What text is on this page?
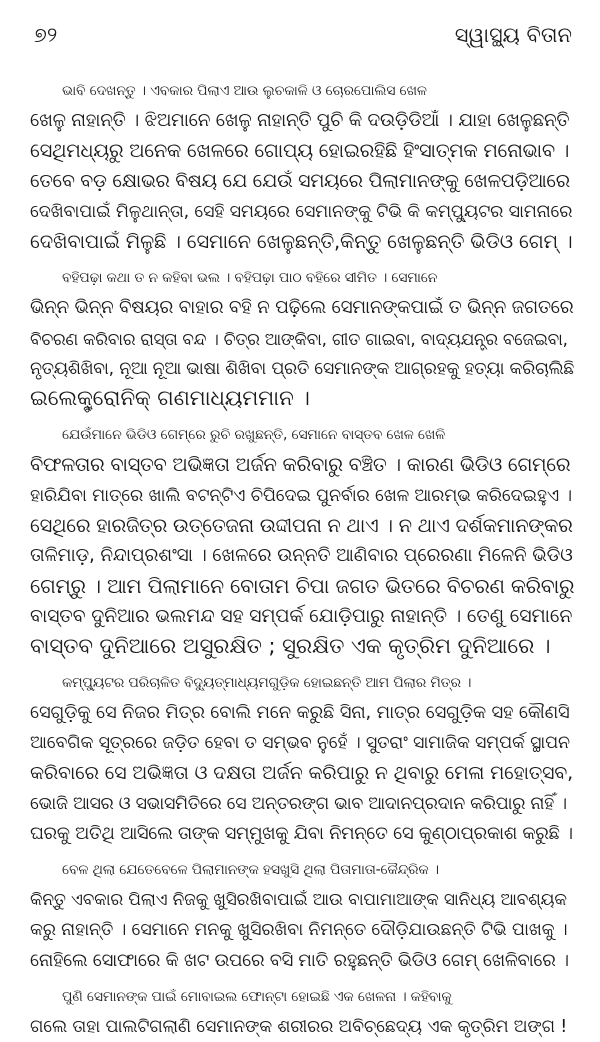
୭୨	ସ୍ୱାସ୍ଥ୍ୟ ବିତାନ

ଭାବି ଦେଖନ୍ତୁ । ଏବକାର ପିଲାଏ ଆଉ ଲୁଚକାଳି ଓ ଚୋରପୋଲିସ ଖେଳ
ଖେଳୁ ନାହାନ୍ତି । ଝିଅମାନେ ଖେଳୁ ନାହାନ୍ତି ପୁଚି କି ଦଉଡ଼ିଡିଆଁ । ଯାହା ଖେଳୁଛନ୍ତି
ସେଥିମଧ୍ୟରୁ ଅନେକ ଖେଳରେ ଗୋପ୍ୟ ହୋଇରହିଛି ହିଂସାତ୍ମକ ମନୋଭାବ ।
ତେବେ ବଡ଼ କ୍ଷୋଭର ବିଷୟ ଯେ ଯେଉଁ ସମୟରେ ପିଲାମାନଙ୍କୁ ଖେଳପଡ଼ିଆରେ
ଦେଖିବାପାଇଁ ମିଳୁଥାନ୍ତା, ସେହି ସମୟରେ ସେମାନଙ୍କୁ ଟିଭି କି କମ୍ପ୍ୟୁଟର ସାମନାରେ
ଦେଖିବାପାଇଁ ମିଳୁଛି । ସେମାନେ ଖେଳୁଛନ୍ତି,କିନ୍ତୁ ଖେଳୁଛନ୍ତି ଭିଡିଓ ଗେମ୍ ।

ବହିପଢ଼ା କଥା ତ ନ କହିବା ଭଲ । ବହିପଢ଼ା ପାଠ ବହିରେ ସୀମିତ । ସେମାନେ
ଭିନ୍ନ ଭିନ୍ନ ବିଷୟର ବାହାର ବହି ନ ପଢ଼ିଲେ ସେମାନଙ୍କପାଇଁ ତ ଭିନ୍ନ ଜଗତରେ
ବିଚରଣ କରିବାର ରାସ୍ତା ବନ୍ଦ । ଚିତ୍ର ଆଙ୍କିବା, ଗୀତ ଗାଇବା, ବାଦ୍ୟଯନ୍ତ୍ର ବଜେଇବା,
ନୃତ୍ୟଶିଖିବା, ନୂଆ ନୂଆ ଭାଷା ଶିଖିବା ପ୍ରତି ସେମାନଙ୍କ ଆଗ୍ରହକୁ ହତ୍ୟା କରିଚାଲିଛି
ଇଲେକ୍ଟ୍ରୋନିକ୍ ଗଣମାଧ୍ୟମମାନ ।

ଯେଉଁମାନେ ଭିଡିଓ ଗେମ୍‌ରେ ରୁଚି ରଖୁଛନ୍ତି, ସେମାନେ ବାସ୍ତବ ଖେଳ ଖେଳି
ବିଫଳତାର ବାସ୍ତବ ଅଭିଜ୍ଞତା ଅର୍ଜନ କରିବାରୁ ବଞ୍ଚିତ । କାରଣ ଭିଡିଓ ଗେମ୍‌ରେ
ହାରିଯିବା ମାତ୍ରେ ଖାଲି ବଟନ୍‌ଟିଏ ଚିପିଦେଇ ପୁନର୍ବାର ଖେଳ ଆରମ୍ଭ କରିଦେଇହୁଏ ।
ସେଥିରେ ହାରଜିତ୍‌ର ଉତ୍ତେଜନା ଉଦ୍ଦୀପନା ନ ଥାଏ । ନ ଥାଏ ଦର୍ଶକମାନଙ୍କର
ତାଳିମାଡ଼, ନିନ୍ଦାପ୍ରଶଂସା । ଖେଳରେ ଉନ୍ନତି ଆଣିବାର ପ୍ରେରଣା ମିଳେନି ଭିଡିଓ
ଗେମ୍‌ରୁ । ଆମ ପିଲାମାନେ ବୋତାମ ଚିପା ଜଗତ ଭିତରେ ବିଚରଣ କରିବାରୁ
ବାସ୍ତବ ଦୁନିଆର ଭଲମନ୍ଦ ସହ ସମ୍ପର୍କ ଯୋଡ଼ିପାରୁ ନାହାନ୍ତି । ତେଣୁ ସେମାନେ
ବାସ୍ତବ ଦୁନିଆରେ ଅସୁରକ୍ଷିତ ; ସୁରକ୍ଷିତ ଏକ କୃତ୍ରିମ ଦୁନିଆରେ ।

କମ୍ପ୍ୟୁଟର ପରିଚାଳିତ ବିଦ୍ୟୁତ୍‌ମାଧ୍ୟମଗୁଡ଼ିକ ହୋଇଛନ୍ତି ଆମ ପିଲାର ମିତ୍ର ।
ସେଗୁଡ଼ିକୁ ସେ ନିଜର ମିତ୍ର ବୋଲି ମନେ କରୁଛି ସିନା, ମାତ୍ର ସେଗୁଡ଼ିକ ସହ କୌଣସି
ଆବେଗିକ ସୂତ୍ରରେ ଜଡ଼ିତ ହେବା ତ ସମ୍ଭବ ନୁହେଁ । ସୁତରାଂ ସାମାଜିକ ସମ୍ପର୍କ ସ୍ଥାପନ
କରିବାରେ ସେ ଅଭିଜ୍ଞତା ଓ ଦକ୍ଷତା ଅର୍ଜନ କରିପାରୁ ନ ଥିବାରୁ ମେଳା ମହୋତ୍ସବ,
ଭୋଜି ଆସର ଓ ସଭାସମିତିରେ ସେ ଅନ୍ତରଙ୍ଗ ଭାବ ଆଦାନପ୍ରଦାନ କରିପାରୁ ନାହିଁ ।
ଘରକୁ ଅତିଥି ଆସିଲେ ତାଙ୍କ ସମ୍ମୁଖକୁ ଯିବା ନିମନ୍ତେ ସେ କୁଣ୍ଠାପ୍ରକାଶ କରୁଛି ।

ବେଳ ଥିଲା ଯେତେବେଳେ ପିଲାମାନଙ୍କ ହସଖୁସି ଥିଲା ପିତାମାତା-କୈନ୍ଦ୍ରିକ ।
କିନ୍ତୁ ଏବକାର ପିଲାଏ ନିଜକୁ ଖୁସିରଖିବାପାଇଁ ଆଉ ବାପାମାଆଙ୍କ ସାନିଧ୍ୟ ଆବଶ୍ୟକ
କରୁ ନାହାନ୍ତି । ସେମାନେ ମନକୁ ଖୁସିରଖିବା ନିମନ୍ତେ ଦୌଡ଼ିଯାଉଛନ୍ତି ଟିଭି ପାଖକୁ ।
ନୋହିଲେ ସୋଫାରେ କି ଖଟ ଉପରେ ବସି ମାତି ରହୁଛନ୍ତି ଭିଡିଓ ଗେମ୍ ଖେଳିବାରେ ।

ପୁଣି ସେମାନଙ୍କ ପାଇଁ ମୋବାଇଲ ଫୋନ୍‌ଟା ହୋଇଛି ଏକ ଖେଳନା । କହିବାକୁ
ଗଲେ ତାହା ପାଲଟିଗଲାଣି ସେମାନଙ୍କ ଶରୀରର ଅବିଚ୍ଛେଦ୍ୟ ଏକ କୃତ୍ରିମ ଅଙ୍ଗ !
